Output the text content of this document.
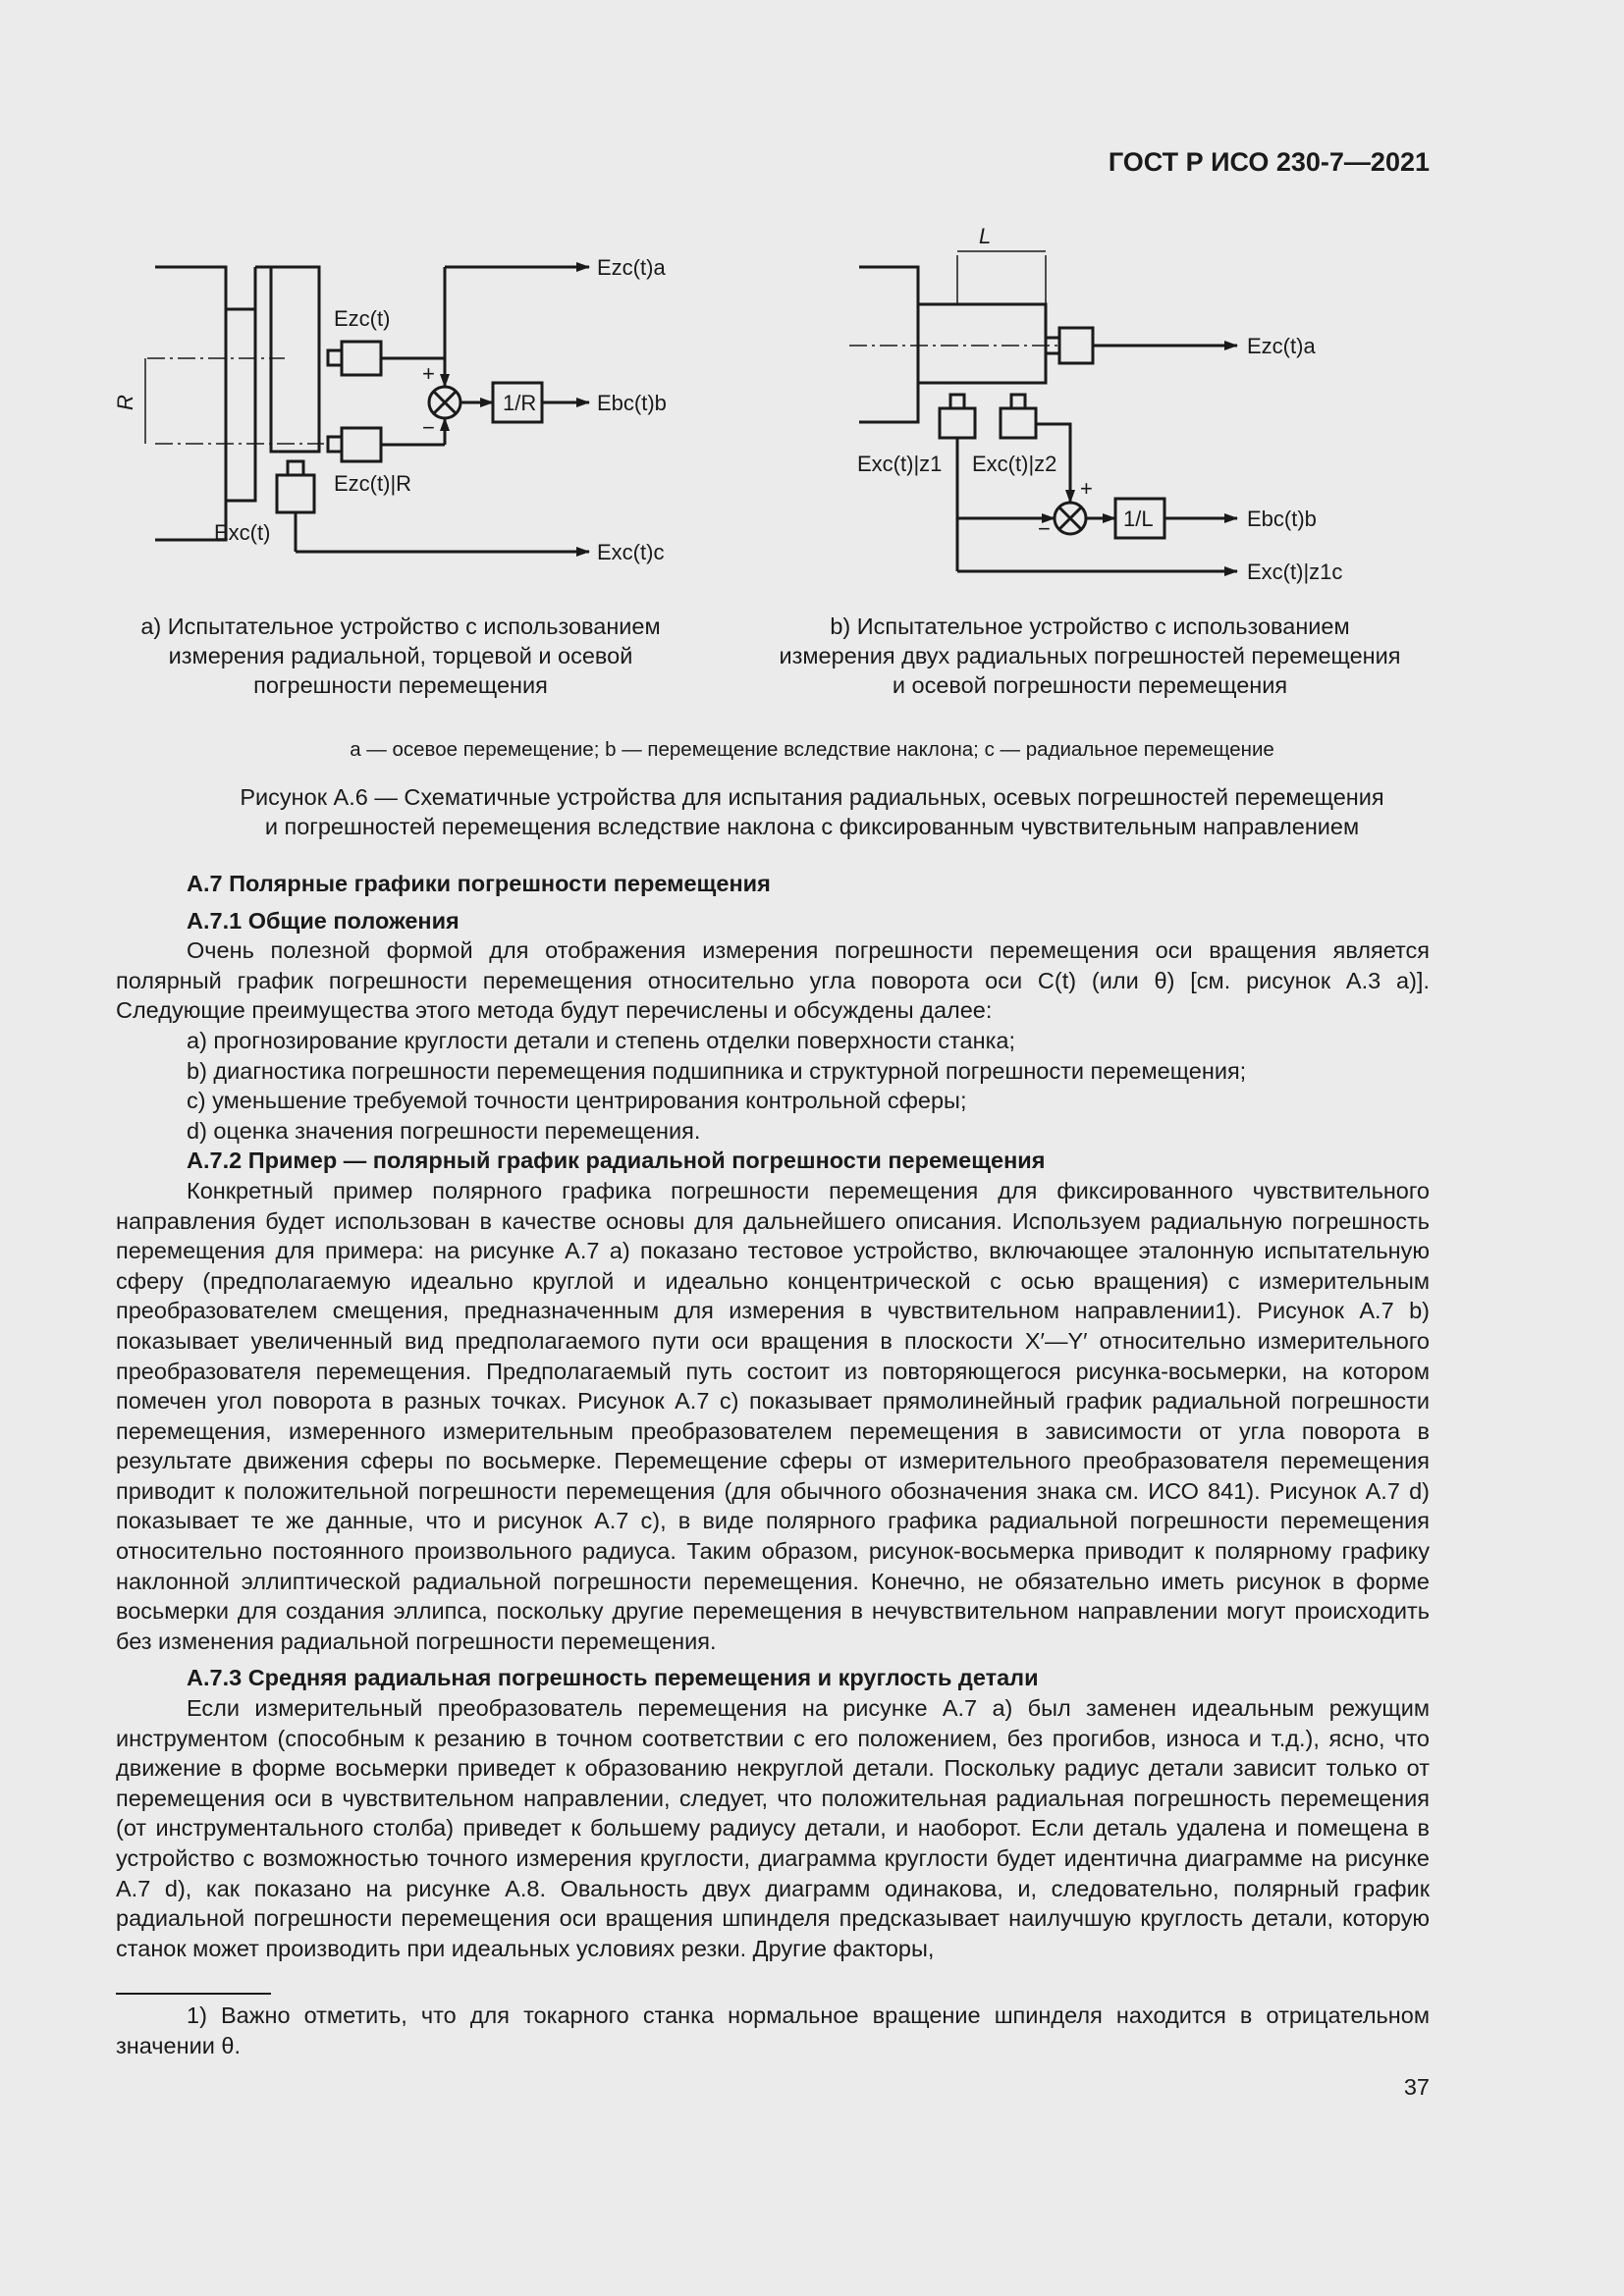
ГОСТ Р ИСО 230-7—2021
R
Ezc(t)a
Ezc(t)
Ezc(t)|R
Ebc(t)b
Exc(t)
Exc(t)c
1/R
+
−
L
Ezc(t)a
Exc(t)|z1 Exc(t)|z2
1/L	Ebc(t)b
Exc(t)|z1c
+
−
a) Испытательное устройство с использованием
измерения радиальной, торцевой и осевой
погрешности перемещения
b) Испытательное устройство с использованием
измерения двух радиальных погрешностей перемещения
и осевой погрешности перемещения
a — осевое перемещение; b — перемещение вследствие наклона; c — радиальное перемещение
Рисунок А.6 — Схематичные устройства для испытания радиальных, осевых погрешностей перемещения
и погрешностей перемещения вследствие наклона с фиксированным чувствительным направлением
А.7 Полярные графики погрешности перемещения
А.7.1 Общие положения

Очень полезной формой для отображения измерения погрешности перемещения оси вращения является полярный график погрешности перемещения относительно угла поворота оси C(t) (или θ) [см. рисунок А.3 а)]. Следующие преимущества этого метода будут перечислены и обсуждены далее:

a) прогнозирование круглости детали и степень отделки поверхности станка;
b) диагностика погрешности перемещения подшипника и структурной погрешности перемещения;
c) уменьшение требуемой точности центрирования контрольной сферы;
d) оценка значения погрешности перемещения.
А.7.2 Пример — полярный график радиальной погрешности перемещения

Конкретный пример полярного графика погрешности перемещения для фиксированного чувствительного направления будет использован в качестве основы для дальнейшего описания. Используем радиальную погрешность перемещения для примера: на рисунке А.7 а) показано тестовое устройство, включающее эталонную испытательную сферу (предполагаемую идеально круглой и идеально концентрической с осью вращения) с измерительным преобразователем смещения, предназначенным для измерения в чувствительном направлении1). Рисунок А.7 b) показывает увеличенный вид предполагаемого пути оси вращения в плоскости X′—Y′ относительно измерительного преобразователя перемещения. Предполагаемый путь состоит из повторяющегося рисунка-восьмерки, на котором помечен угол поворота в разных точках. Рисунок А.7 с) показывает прямолинейный график радиальной погрешности перемещения, измеренного измерительным преобразователем перемещения в зависимости от угла поворота в результате движения сферы по восьмерке. Перемещение сферы от измерительного преобразователя перемещения приводит к положительной погрешности перемещения (для обычного обозначения знака см. ИСО 841). Рисунок А.7 d) показывает те же данные, что и рисунок А.7 с), в виде полярного графика радиальной погрешности перемещения относительно постоянного произвольного радиуса. Таким образом, рисунок-восьмерка приводит к полярному графику наклонной эллиптической радиальной погрешности перемещения. Конечно, не обязательно иметь рисунок в форме восьмерки для создания эллипса, поскольку другие перемещения в нечувствительном направлении могут происходить без изменения радиальной погрешности перемещения.

А.7.3 Средняя радиальная погрешность перемещения и круглость детали

Если измерительный преобразователь перемещения на рисунке А.7 а) был заменен идеальным режущим инструментом (способным к резанию в точном соответствии с его положением, без прогибов, износа и т.д.), ясно, что движение в форме восьмерки приведет к образованию некруглой детали. Поскольку радиус детали зависит только от перемещения оси в чувствительном направлении, следует, что положительная радиальная погрешность перемещения (от инструментального столба) приведет к большему радиусу детали, и наоборот. Если деталь удалена и помещена в устройство с возможностью точного измерения круглости, диаграмма круглости будет идентична диаграмме на рисунке А.7 d), как показано на рисунке А.8. Овальность двух диаграмм одинакова, и, следовательно, полярный график радиальной погрешности перемещения оси вращения шпинделя предсказывает наилучшую круглость детали, которую станок может производить при идеальных условиях резки. Другие факторы,

1) Важно отметить, что для токарного станка нормальное вращение шпинделя находится в отрицательном значении θ.
37
